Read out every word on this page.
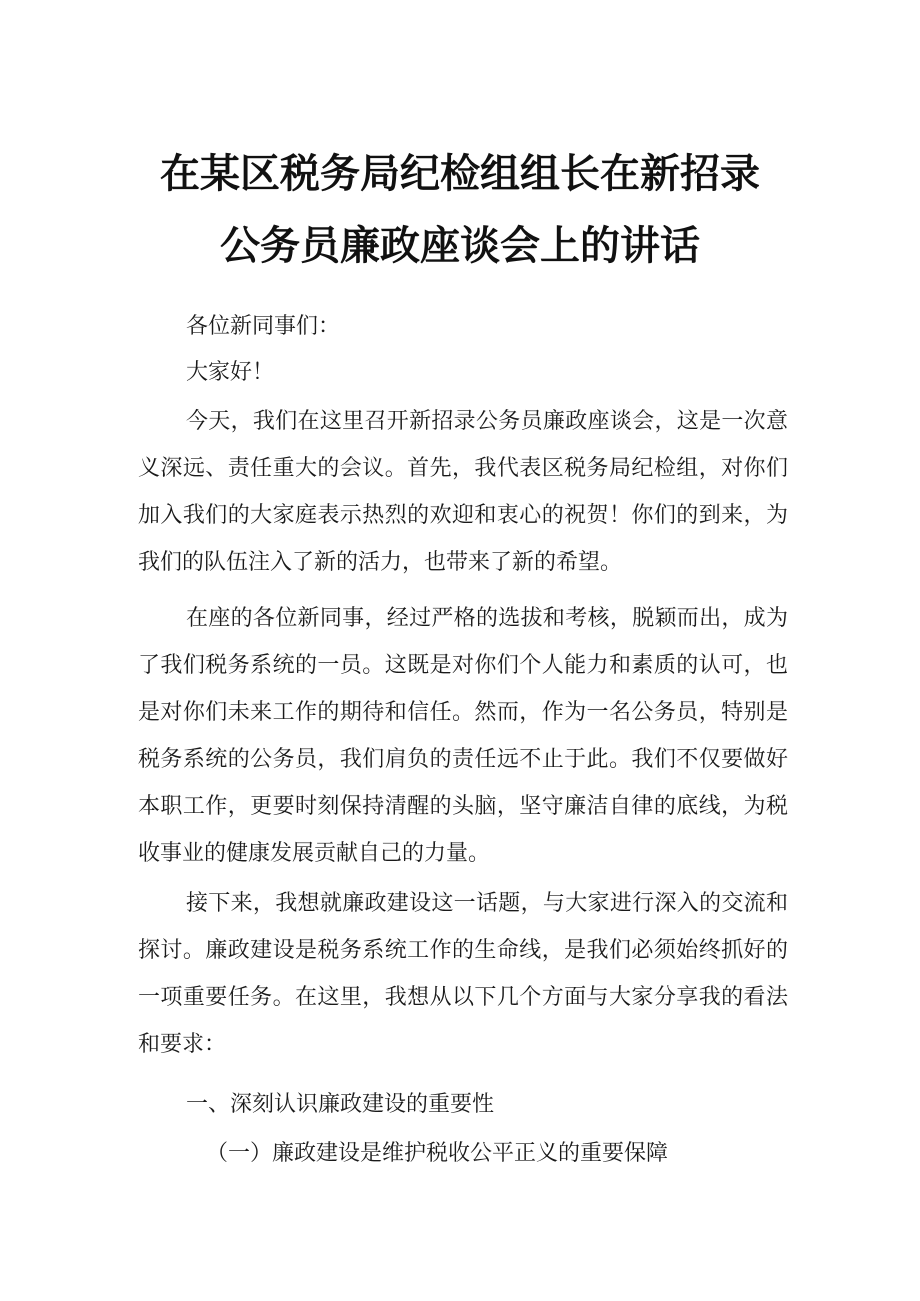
在某区税务局纪检组组长在新招录
公务员廉政座谈会上的讲话
各位新同事们：
大家好！

今天，我们在这里召开新招录公务员廉政座谈会，这是一次意义深远、责任重大的会议。首先，我代表区税务局纪检组，对你们加入我们的大家庭表示热烈的欢迎和衷心的祝贺！你们的到来，为我们的队伍注入了新的活力，也带来了新的希望。

在座的各位新同事，经过严格的选拔和考核，脱颖而出，成为了我们税务系统的一员。这既是对你们个人能力和素质的认可，也是对你们未来工作的期待和信任。然而，作为一名公务员，特别是税务系统的公务员，我们肩负的责任远不止于此。我们不仅要做好本职工作，更要时刻保持清醒的头脑，坚守廉洁自律的底线，为税收事业的健康发展贡献自己的力量。

接下来，我想就廉政建设这一话题，与大家进行深入的交流和探讨。廉政建设是税务系统工作的生命线，是我们必须始终抓好的一项重要任务。在这里，我想从以下几个方面与大家分享我的看法和要求：

一、深刻认识廉政建设的重要性
（一）廉政建设是维护税收公平正义的重要保障
